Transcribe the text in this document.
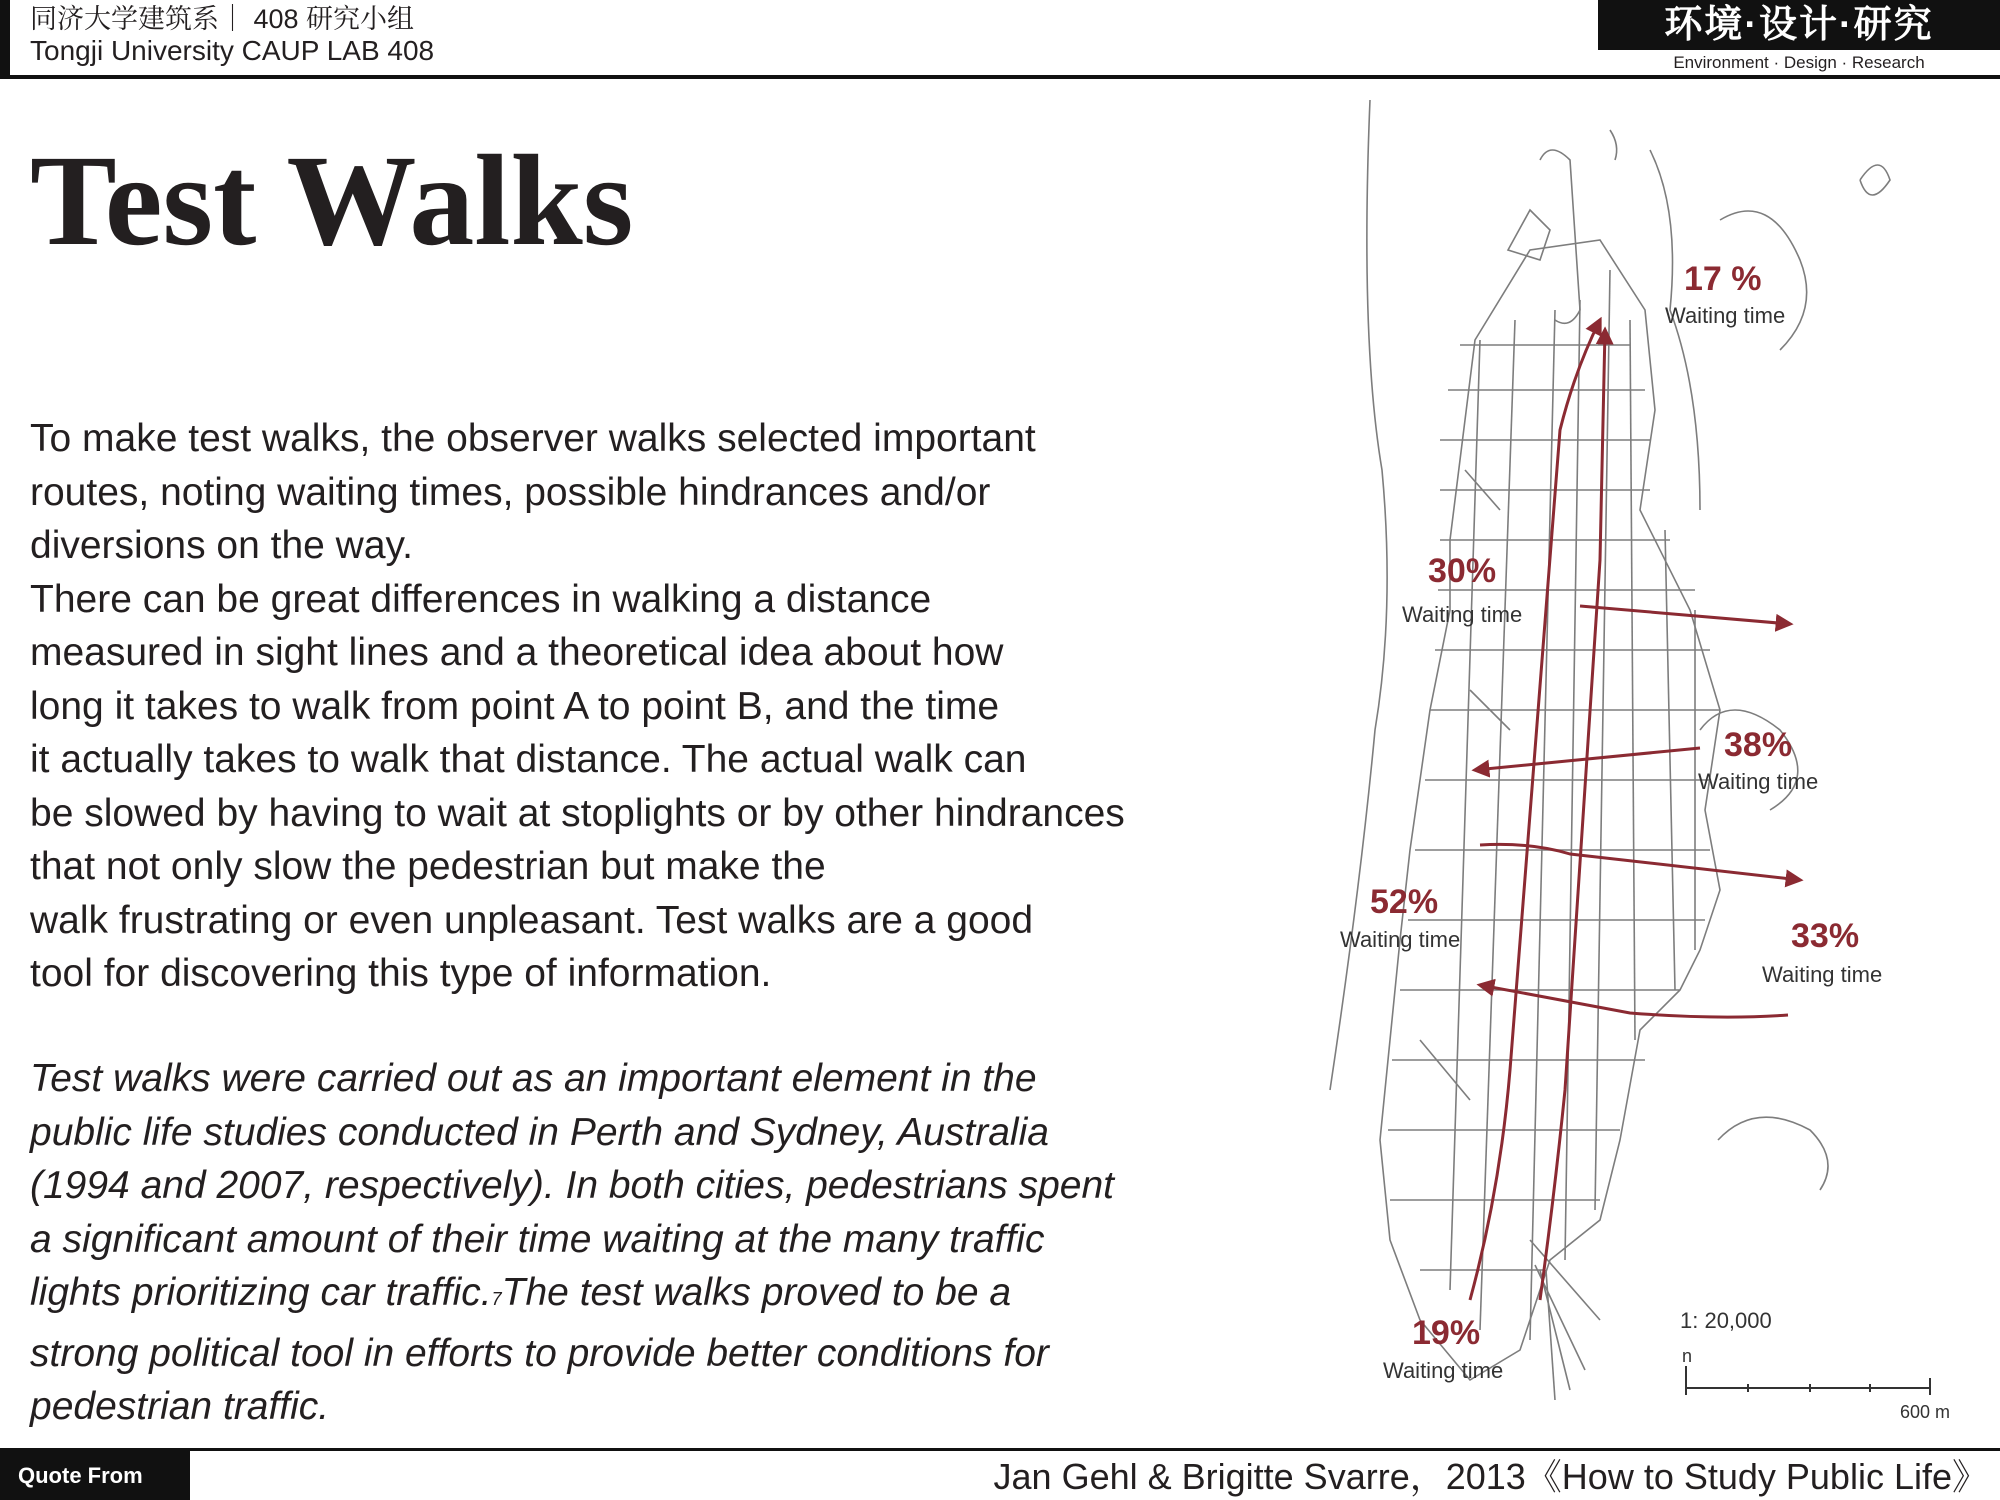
同济大学建筑系｜ 408 研究小组
Tongji University CAUP LAB 408
环境·设计·研究
Environment · Design · Research
Test Walks

To make test walks, the observer walks selected important

routes, noting waiting times, possible hindrances and/or

diversions on the way.

There can be great differences in walking a distance

measured in sight lines and a theoretical idea about how

long it takes to walk from point A to point B, and the time

it actually takes to walk that distance. The actual walk can

be slowed by having to wait at stoplights or by other hindrances

that not only slow the pedestrian but make the

walk frustrating or even unpleasant. Test walks are a good

tool for discovering this type of information.

Test walks were carried out as an important element in the

public life studies conducted in Perth and Sydney, Australia

(1994 and 2007, respectively). In both cities, pedestrians spent

a significant amount of their time waiting at the many traffic

lights prioritizing car traffic.7The test walks proved to be a

strong political tool in efforts to provide better conditions for

pedestrian traffic.

17 %
Waiting time
30%
Waiting time
38%
Waiting time
52%
Waiting time	33%
Waiting time
19%
Waiting time
1: 20,000
n
600 m
Quote From	Jan Gehl & Brigitte Svarre，2013《How to Study Public Life》
